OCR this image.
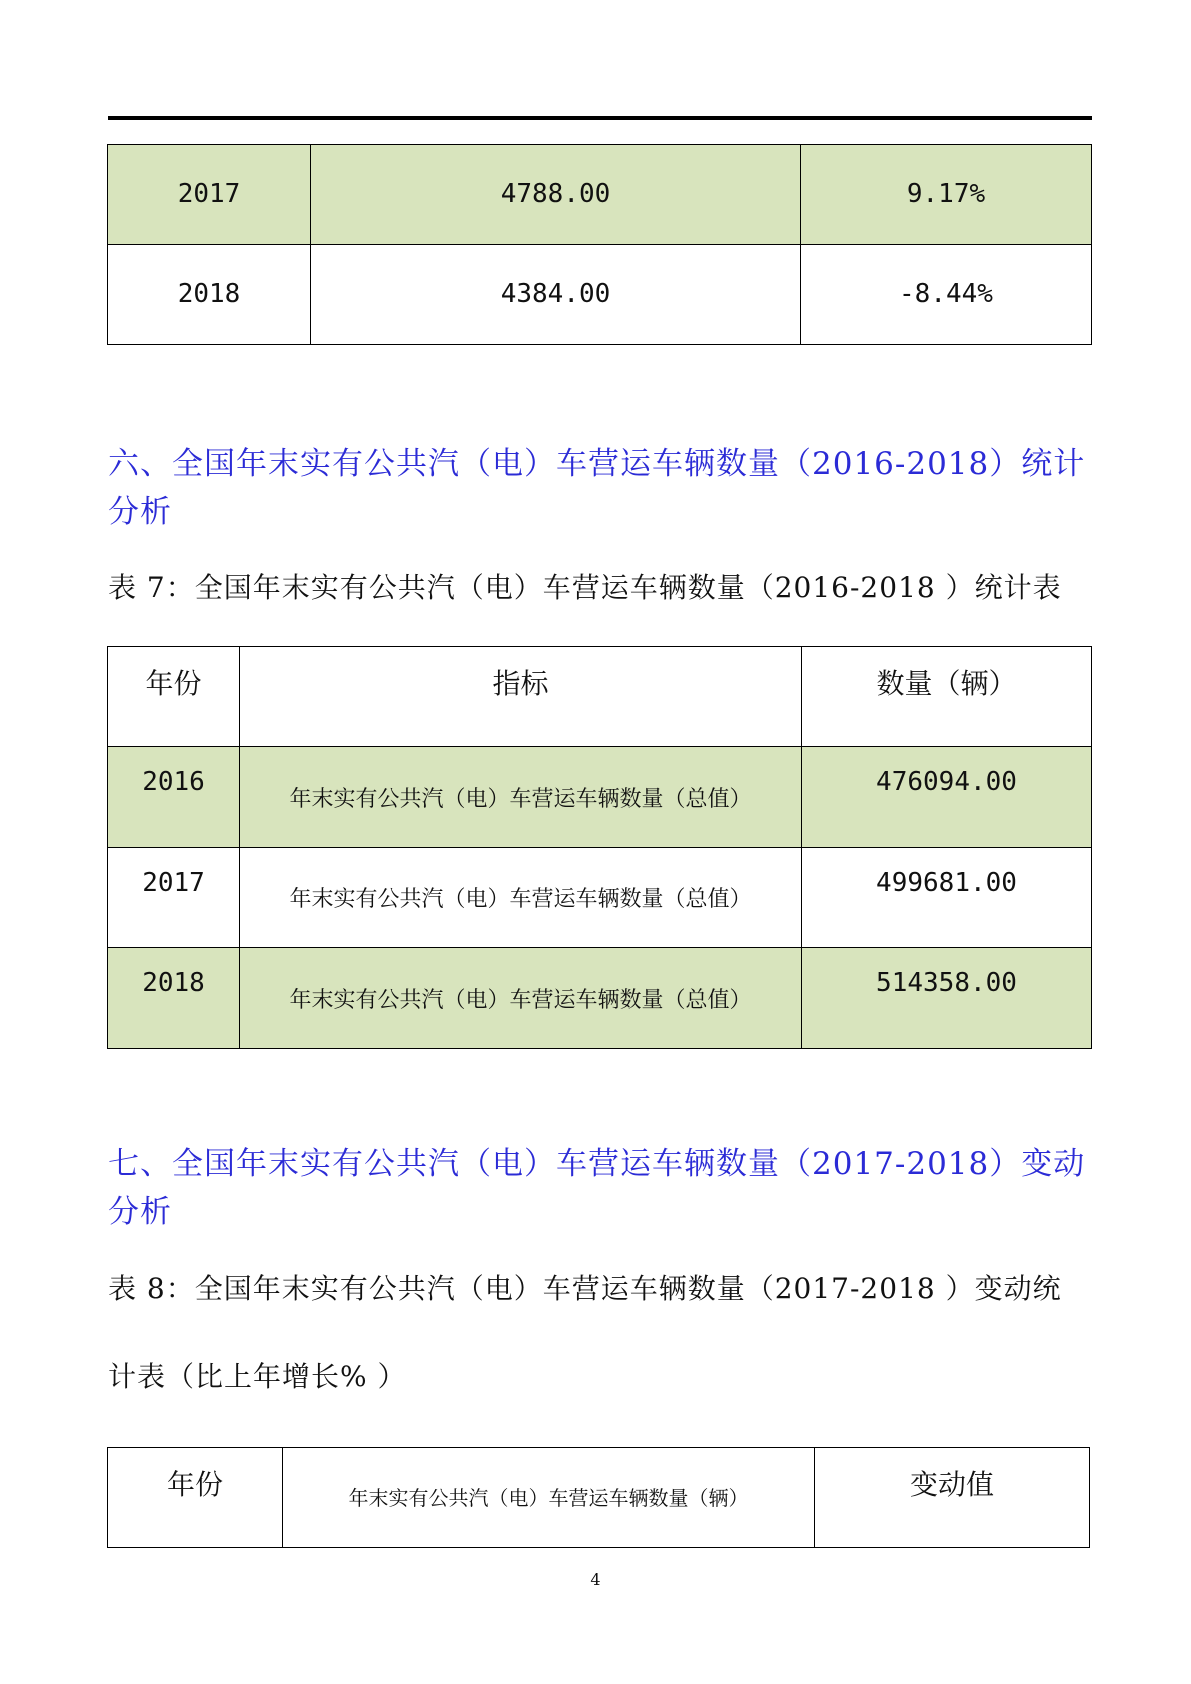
2017	4788.00	9.17%
2018	4384.00	-8.44%
六、全国年末实有公共汽（电）车营运车辆数量（2016-2018）统计分析
表 7：全国年末实有公共汽（电）车营运车辆数量（2016-2018 ）统计表
年份	指标	数量（辆）
2016	年末实有公共汽（电）车营运车辆数量（总值）	476094.00
2017	年末实有公共汽（电）车营运车辆数量（总值）	499681.00
2018	年末实有公共汽（电）车营运车辆数量（总值）	514358.00
七、全国年末实有公共汽（电）车营运车辆数量（2017-2018）变动分析
表 8：全国年末实有公共汽（电）车营运车辆数量（2017-2018 ）变动统
计表（比上年增长% ）
年份	年末实有公共汽（电）车营运车辆数量（辆）	变动值
4
